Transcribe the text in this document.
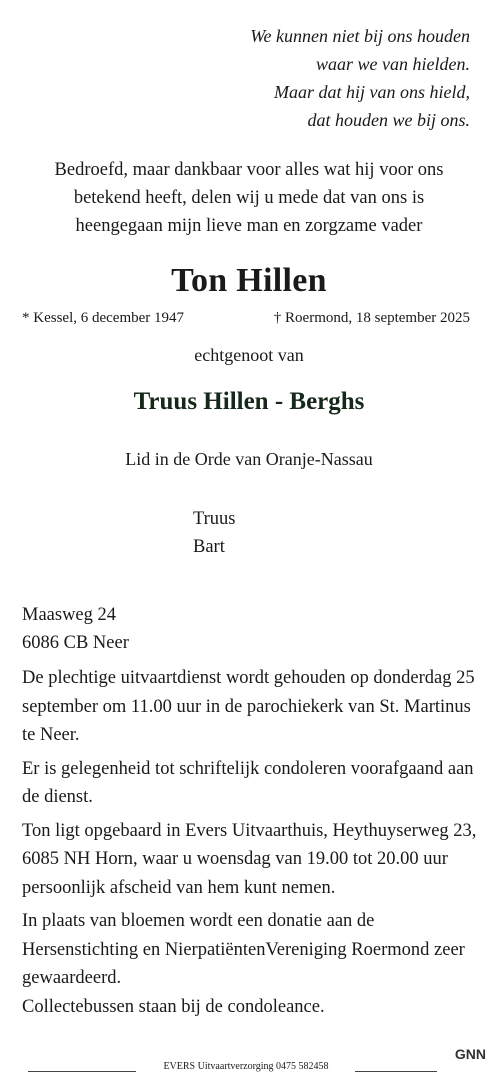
We kunnen niet bij ons houden
waar we van hielden.
Maar dat hij van ons hield,
dat houden we bij ons.
Bedroefd, maar dankbaar voor alles wat hij voor ons
betekend heeft, delen wij u mede dat van ons is
heengegaan mijn lieve man en zorgzame vader
Ton Hillen
* Kessel, 6 december 1947	† Roermond, 18 september 2025
echtgenoot van
Truus Hillen - Berghs
Lid in de Orde van Oranje-Nassau
Truus
Bart
Maasweg 24
6086 CB Neer

De plechtige uitvaartdienst wordt gehouden op donderdag 25 september om 11.00 uur in de parochiekerk van St. Martinus te Neer.

Er is gelegenheid tot schriftelijk condoleren voorafgaand aan de dienst.

Ton ligt opgebaard in Evers Uitvaarthuis, Heythuyserweg 23, 6085 NH Horn, waar u woensdag van 19.00 tot 20.00 uur persoonlijk afscheid van hem kunt nemen.

In plaats van bloemen wordt een donatie aan de Hersenstichting en NierpatiëntenVereniging Roermond zeer gewaardeerd.
Collectebussen staan bij de condoleance.

EVERS Uitvaartverzorging 0475 582458
GNN
